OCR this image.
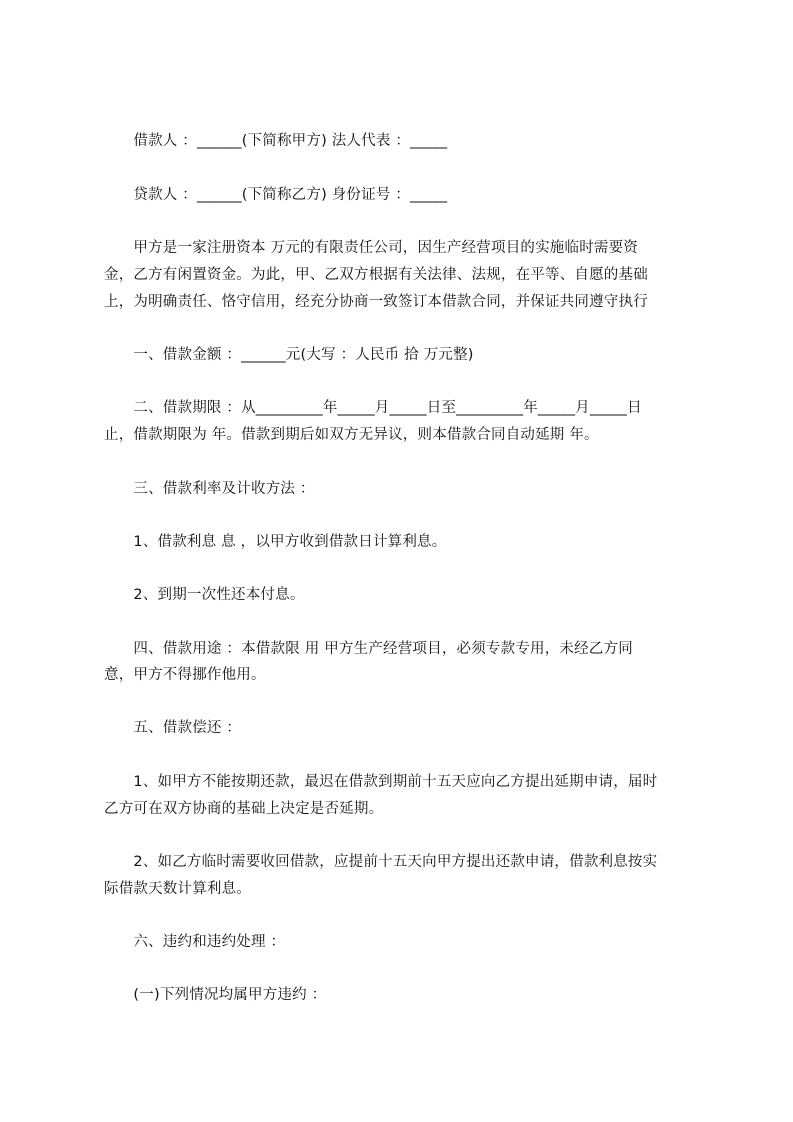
　　借款人 ：______(下简称甲方) 法人代表 ：_____
　　贷款人 ：______(下简称乙方) 身份证号 ：_____
　　甲方是一家注册资本 万元的有限责任公司，因生产经营项目的实施临时需要资
金，乙方有闲置资金。为此，甲、乙双方根据有关法律、法规，在平等、自愿的基础
上，为明确责任、恪守信用，经充分协商一致签订本借款合同，并保证共同遵守执行
　　一、借款金额 ：______元(大写 ：人民币 拾 万元整)
　　二、借款期限 ：从_________年_____月_____日至_________年_____月_____日
止，借款期限为 年。借款到期后如双方无异议，则本借款合同自动延期 年。
　　三、借款利率及计收方法 ：
　　1、借款利息 息 ，以甲方收到借款日计算利息。
　　2、到期一次性还本付息。
　　四、借款用途 ：本借款限 用 甲方生产经营项目，必须专款专用，未经乙方同
意，甲方不得挪作他用。
　　五、借款偿还 ：
　　1、如甲方不能按期还款，最迟在借款到期前十五天应向乙方提出延期申请，届时
乙方可在双方协商的基础上决定是否延期。
　　2、如乙方临时需要收回借款，应提前十五天向甲方提出还款申请，借款利息按实
际借款天数计算利息。
　　六、违约和违约处理 ：
　　(一)下列情况均属甲方违约 ：
